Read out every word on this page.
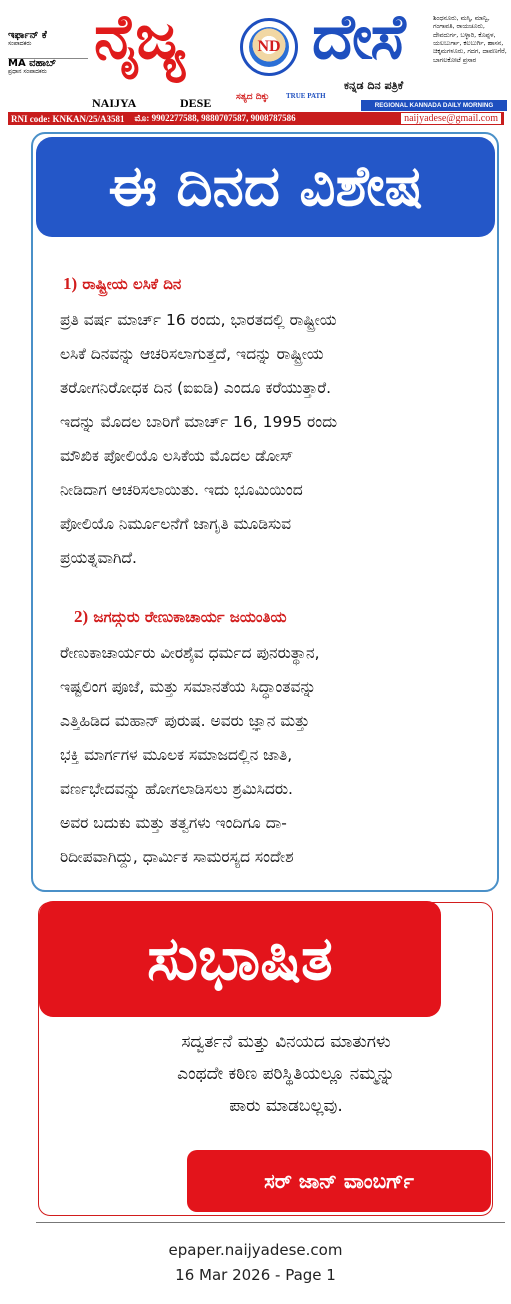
ಇರ್ಫಾನ್ ಕೆ
ಸಂಪಾದಕರು
MA ವಹಾಬ್
ಪ್ರಧಾನ ಸಂಪಾದಕರು ನೈಜ್ಯ	ND ದೇಸೆ
NAIJYA	DESE	ಸತ್ಯದ ದಿಕ್ಕು TRUE PATH
ಕನ್ನಡ ದಿನ ಪತ್ರಿಕೆ
ಶಿಂಧನೂರು, ಮಸ್ಕಿ, ಮಾನ್ವಿ, ಗಂಗಾವತಿ, ರಾಯಚೂರು, ದೇವದುರ್ಗ, ಬಳ್ಳಾರಿ, ಕೊಪ್ಪಳ, ಯಲಬುರ್ಗಾ, ಕಲಬುರ್ಗಿ, ಹಾಸನ, ಚಿಕ್ಕಮಗಳೂರು, ಗದಗ, ದಾವಣಗೆರೆ, ಬಾಗಲಕೋಟೆ ಪ್ರಸಾರ
REGIONAL KANNADA DAILY MORNING
RNI code: KNKAN/25/A3581 ಮೊ: 9902277588, 9880707587, 9008787586	naijyadese@gmail.com
ಈ ದಿನದ ವಿಶೇಷ
1) ರಾಷ್ಟ್ರೀಯ ಲಸಿಕೆ ದಿನ
ಪ್ರತಿ ವರ್ಷ ಮಾರ್ಚ್ 16 ರಂದು, ಭಾರತದಲ್ಲಿ ರಾಷ್ಟ್ರೀಯ
ಲಸಿಕೆ ದಿನವನ್ನು ಆಚರಿಸಲಾಗುತ್ತದೆ, ಇದನ್ನು ರಾಷ್ಟ್ರೀಯ
ತರೋಗನಿರೋಧಕ ದಿನ (ಐಐಡಿ) ಎಂದೂ ಕರೆಯುತ್ತಾರೆ.
ಇದನ್ನು ಮೊದಲ ಬಾರಿಗೆ ಮಾರ್ಚ್ 16, 1995 ರಂದು
ಮೌಖಿಕ ಪೋಲಿಯೊ ಲಸಿಕೆಯ ಮೊದಲ ಡೋಸ್
ನೀಡಿದಾಗ ಆಚರಿಸಲಾಯಿತು. ಇದು ಭೂಮಿಯಿಂದ
ಪೋಲಿಯೊ ನಿರ್ಮೂಲನೆಗೆ ಜಾಗೃತಿ ಮೂಡಿಸುವ
ಪ್ರಯತ್ನವಾಗಿದೆ.
2) ಜಗದ್ಗುರು ರೇಣುಕಾಚಾರ್ಯ ಜಯಂತಿಯ
ರೇಣುಕಾಚಾರ್ಯರು ವೀರಶೈವ ಧರ್ಮದ ಪುನರುತ್ಥಾನ,
ಇಷ್ಟಲಿಂಗ ಪೂಜೆ, ಮತ್ತು ಸಮಾನತೆಯ ಸಿದ್ಧಾಂತವನ್ನು
ಎತ್ತಿಹಿಡಿದ ಮಹಾನ್ ಪುರುಷ. ಅವರು ಜ್ಞಾನ ಮತ್ತು
ಭಕ್ತಿ ಮಾರ್ಗಗಳ ಮೂಲಕ ಸಮಾಜದಲ್ಲಿನ ಜಾತಿ,
ವರ್ಣಭೇದವನ್ನು ಹೋಗಲಾಡಿಸಲು ಶ್ರಮಿಸಿದರು.
ಅವರ ಬದುಕು ಮತ್ತು ತತ್ವಗಳು ಇಂದಿಗೂ ದಾ-
ರಿದೀಪವಾಗಿದ್ದು, ಧಾರ್ಮಿಕ ಸಾಮರಸ್ಯದ ಸಂದೇಶ
ಸುಭಾಷಿತ
ಸದ್ವರ್ತನೆ ಮತ್ತು ವಿನಯದ ಮಾತುಗಳು
ಎಂಥದೇ ಕಠಿಣ ಪರಿಸ್ಥಿತಿಯಲ್ಲೂ ನಮ್ಮನ್ನು
ಪಾರು ಮಾಡಬಲ್ಲವು.
ಸರ್ ಜಾನ್ ವಾಂಬರ್ಗ್
epaper.naijyadese.com
16 Mar 2026 - Page 1
